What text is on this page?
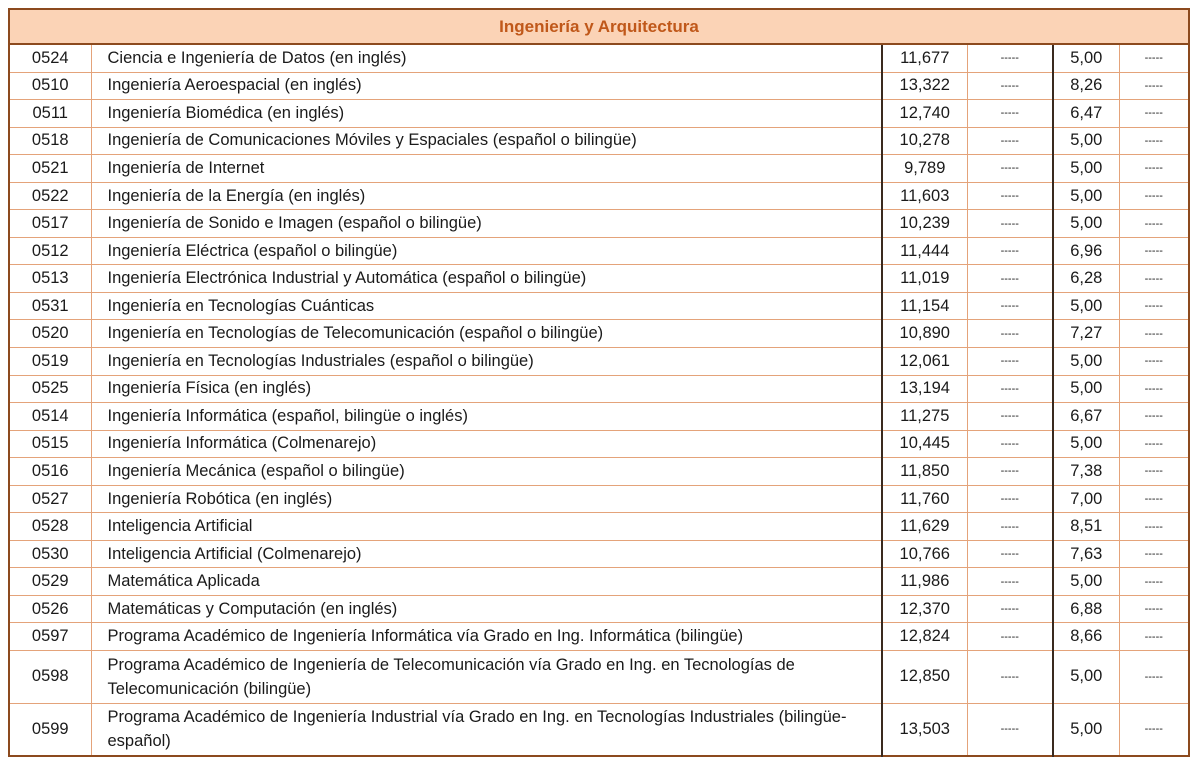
Ingeniería y Arquitectura					
0524	Ciencia e Ingeniería de Datos (en inglés)	11,677	-----	5,00	-----
0510	Ingeniería Aeroespacial (en inglés)	13,322	-----	8,26	-----
0511	Ingeniería Biomédica (en inglés)	12,740	-----	6,47	-----
0518	Ingeniería de Comunicaciones Móviles y Espaciales (español o bilingüe)	10,278	-----	5,00	-----
0521	Ingeniería de Internet	9,789	-----	5,00	-----
0522	Ingeniería de la Energía (en inglés)	11,603	-----	5,00	-----
0517	Ingeniería de Sonido e Imagen (español o bilingüe)	10,239	-----	5,00	-----
0512	Ingeniería Eléctrica (español o bilingüe)	11,444	-----	6,96	-----
0513	Ingeniería Electrónica Industrial y Automática (español o bilingüe)	11,019	-----	6,28	-----
0531	Ingeniería en Tecnologías Cuánticas	11,154	-----	5,00	-----
0520	Ingeniería en Tecnologías de Telecomunicación (español o bilingüe)	10,890	-----	7,27	-----
0519	Ingeniería en Tecnologías Industriales (español o bilingüe)	12,061	-----	5,00	-----
0525	Ingeniería Física (en inglés)	13,194	-----	5,00	-----
0514	Ingeniería Informática (español, bilingüe o inglés)	11,275	-----	6,67	-----
0515	Ingeniería Informática (Colmenarejo)	10,445	-----	5,00	-----
0516	Ingeniería Mecánica (español o bilingüe)	11,850	-----	7,38	-----
0527	Ingeniería Robótica (en inglés)	11,760	-----	7,00	-----
0528	Inteligencia Artificial	11,629	-----	8,51	-----
0530	Inteligencia Artificial (Colmenarejo)	10,766	-----	7,63	-----
0529	Matemática Aplicada	11,986	-----	5,00	-----
0526	Matemáticas y Computación (en inglés)	12,370	-----	6,88	-----
0597	Programa Académico de Ingeniería Informática vía Grado en Ing. Informática (bilingüe)	12,824	-----	8,66	-----
0598	Programa Académico de Ingeniería de Telecomunicación vía Grado en Ing. en Tecnologías de Telecomunicación (bilingüe)	12,850	-----	5,00	-----
0599	Programa Académico de Ingeniería Industrial vía Grado en Ing. en Tecnologías Industriales (bilingüe-español)	13,503	-----	5,00	-----
